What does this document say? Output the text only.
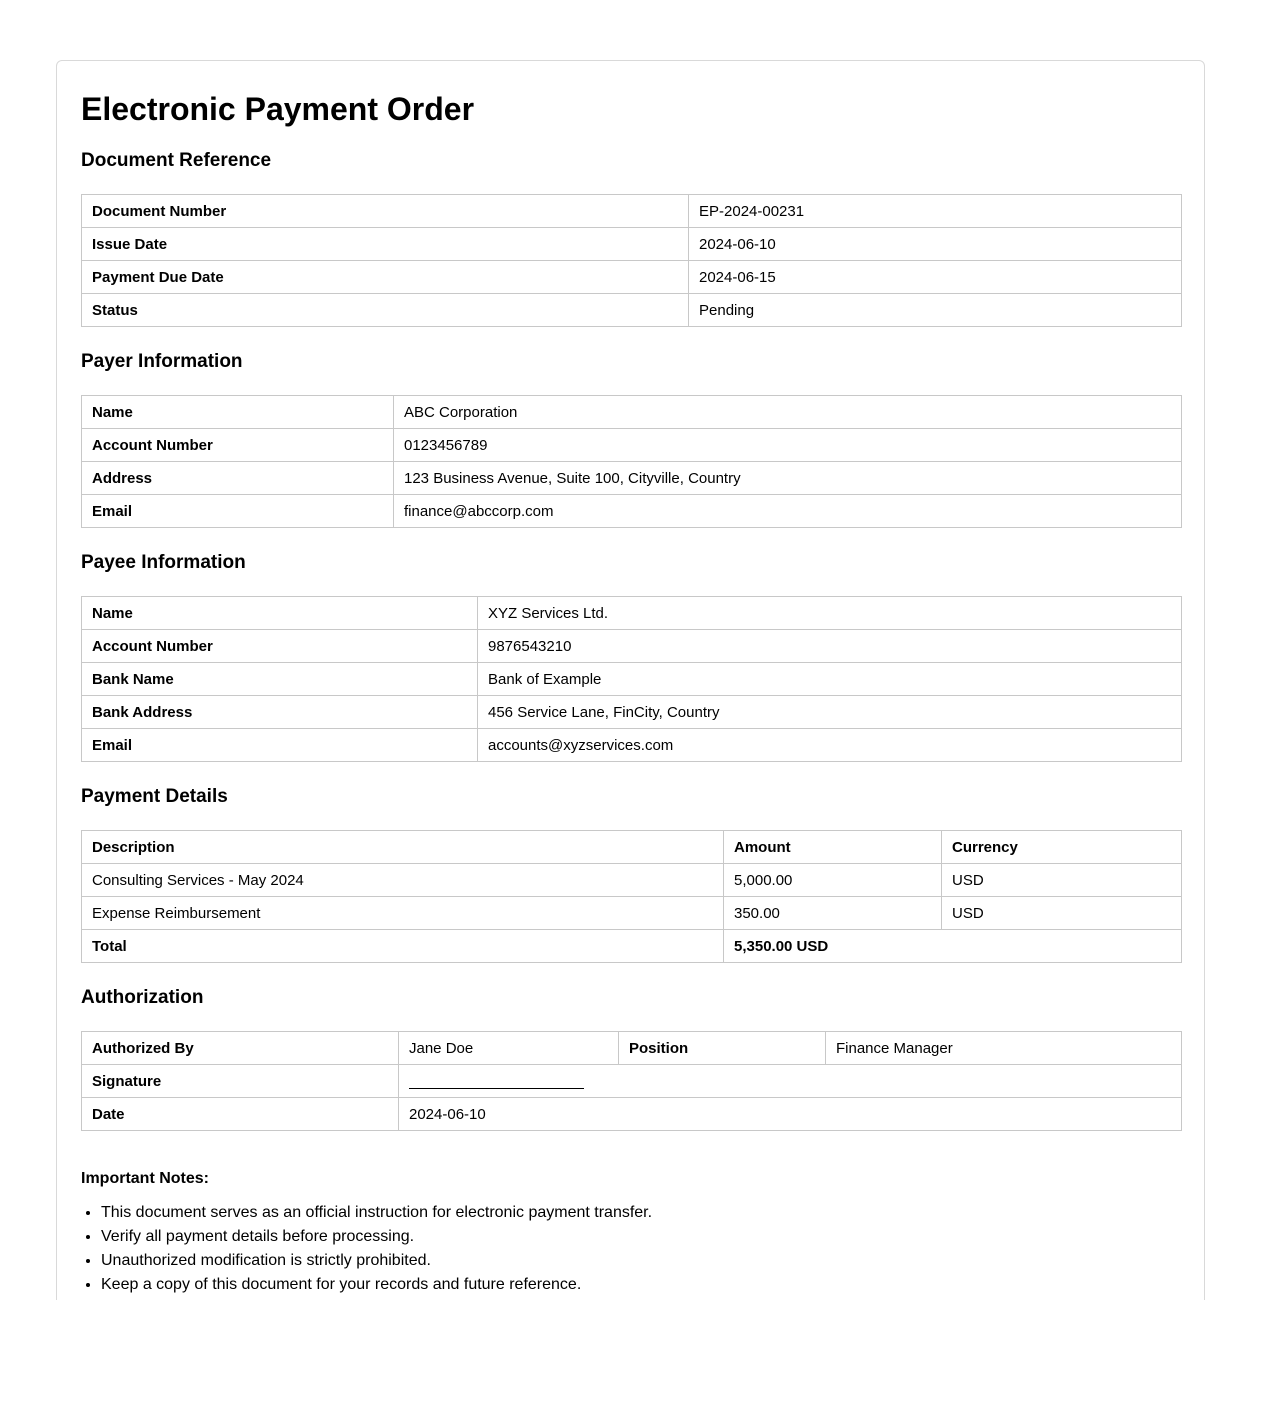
Electronic Payment Order
Document Reference
Document Number	EP-2024-00231
Issue Date	2024-06-10
Payment Due Date	2024-06-15
Status	Pending
Payer Information
Name	ABC Corporation
Account Number	0123456789
Address	123 Business Avenue, Suite 100, Cityville, Country
Email	finance@abccorp.com
Payee Information
Name	XYZ Services Ltd.
Account Number	9876543210
Bank Name	Bank of Example
Bank Address	456 Service Lane, FinCity, Country
Email	accounts@xyzservices.com
Payment Details
Description	Amount	Currency
Consulting Services - May 2024	5,000.00	USD
Expense Reimbursement	350.00	USD
Total	5,350.00 USD	
Authorization
Authorized By	Jane Doe	Position	Finance Manager
Signature			
Date	2024-06-10		

Important Notes:

• This document serves as an official instruction for electronic payment transfer.
• Verify all payment details before processing.
• Unauthorized modification is strictly prohibited.
• Keep a copy of this document for your records and future reference.
